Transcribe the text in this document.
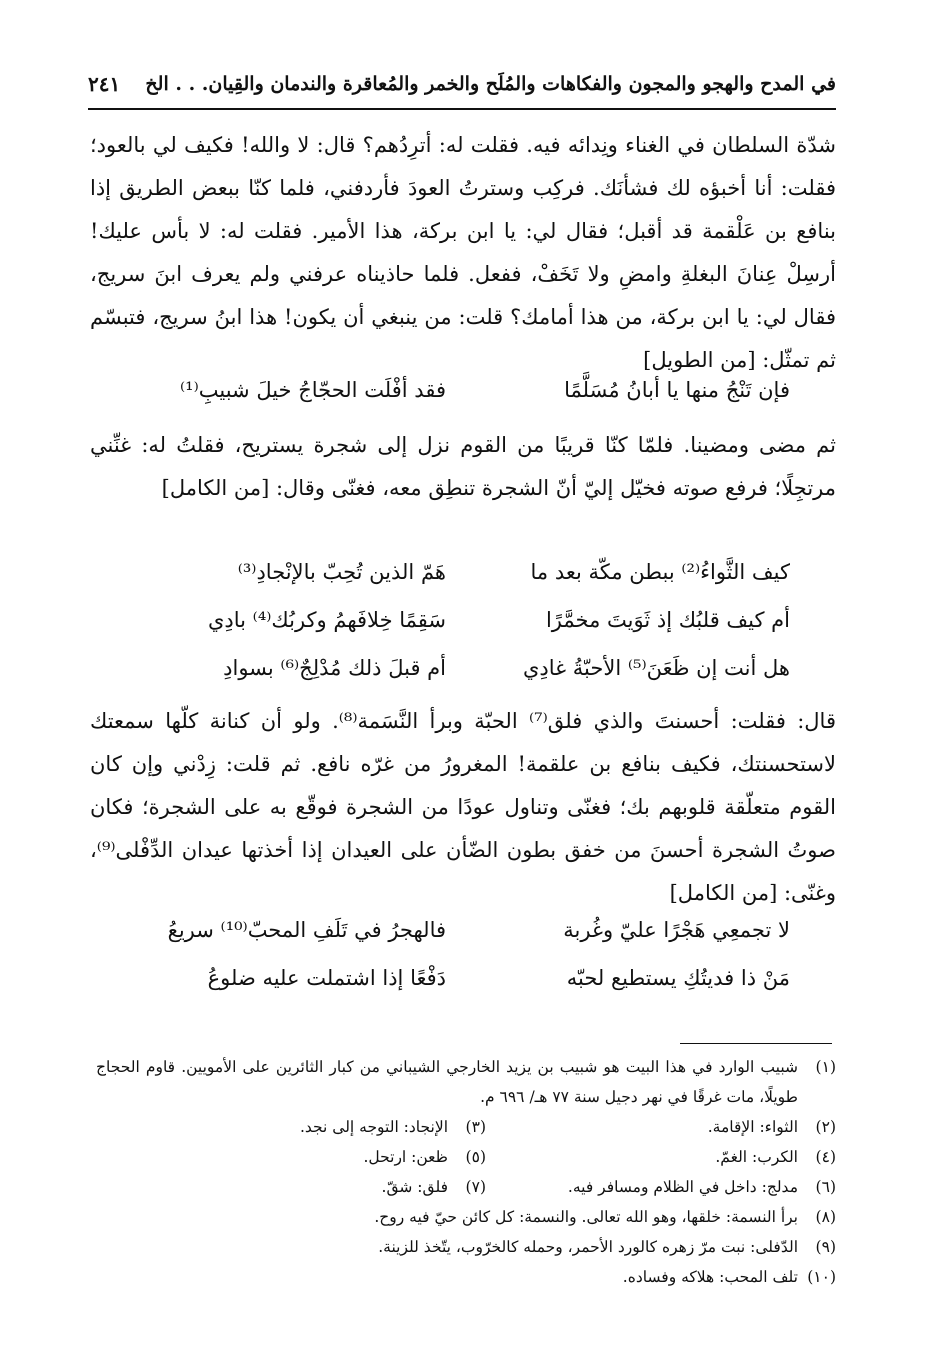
في المدح والهجو والمجون والفكاهات والمُلَح والخمر والمُعاقرة والندمان والقِيان. . . الخ
٢٤١

شدّة السلطان في الغناء ونِدائه فيه. فقلت له: أترِدُهم؟ قال: لا والله! فكيف لي بالعود؛ فقلت: أنا أخبؤه لك فشأنَك. فركِب وسترتُ العودَ فأردفني، فلما كنّا ببعض الطريق إذا بنافع بن عَلْقمة قد أقبل؛ فقال لي: يا ابن بركة، هذا الأمير. فقلت له: لا بأس عليك! أرسِلْ عِنانَ البغلةِ وامضِ ولا تَخَفْ، ففعل. فلما حاذيناه عرفني ولم يعرف ابنَ سريج، فقال لي: يا ابن بركة، من هذا أمامك؟ قلت: من ينبغي أن يكون! هذا ابنُ سريج، فتبسّم ثم تمثّل: [من الطويل]

فإن تَنْجُ منها يا أبانُ مُسَلَّمًا
فقد أفْلَت الحجّاجُ خيلَ شبيبِ⁽¹⁾

ثم مضى ومضينا. فلمّا كنّا قريبًا من القوم نزل إلى شجرة يستريح، فقلتُ له: غنِّني مرتجِلًا؛ فرفع صوته فخيّل إليّ أنّ الشجرة تنطِق معه، فغنّى وقال: [من الكامل]

كيف الثَّواءُ⁽²⁾ ببطن مكّة بعد ما
هَمّ الذين تُحِبّ بالإنْجادِ⁽³⁾
أم كيف قلبُك إذ ثَوَيتَ مخمَّرًا
سَقِمًا خِلافَهمُ وكربُك⁽⁴⁾ بادِي
هل أنت إن ظَعَنَ⁽⁵⁾ الأحبّةُ غادِي
أم قبلَ ذلك مُدْلِجٌ⁽⁶⁾ بسوادِ

قال: فقلت: أحسنتَ والذي فلق⁽⁷⁾ الحبّة وبرأ النَّسَمة⁽⁸⁾. ولو أن كنانة كلّها سمعتك لاستحسنتك، فكيف بنافع بن علقمة! المغرورُ من غرّه نافع. ثم قلت: زِدْني وإن كان القوم متعلّقة قلوبهم بك؛ فغنّى وتناول عودًا من الشجرة فوقّع به على الشجرة؛ فكان صوتُ الشجرة أحسنَ من خفق بطون الضّأن على العيدان إذا أخذتها عيدان الدِّفْلى⁽⁹⁾، وغنّى: [من الكامل]

لا تجمعِي هَجْرًا عليّ وغُربة
فالهجرُ في تَلَفِ المحبّ⁽¹⁰⁾ سريعُ
مَنْ ذا فديتُكِ يستطيع لحبّه
دَفْعًا إذا اشتملت عليه ضلوعُ
(١)
شبيب الوارد في هذا البيت هو شبيب بن يزيد الخارجي الشيباني من كبار الثائرين على الأمويين. قاوم الحجاج طويلًا، مات غرقًا في نهر دجيل سنة ٧٧ هـ/ ٦٩٦ م.
(٢)
الثواء: الإقامة.
(٣)
الإنجاد: التوجه إلى نجد.
(٤)
الكرب: الغمّ.
(٥)
ظعن: ارتحل.
(٦)
مدلج: داخل في الظلام ومسافر فيه.
(٧)
فلق: شقّ.
(٨)
برأ النسمة: خلقها، وهو الله تعالى. والنسمة: كل كائن حيّ فيه روح.
(٩)
الدّفلى: نبت مرّ زهره كالورد الأحمر، وحمله كالخرّوب، يتّخذ للزينة.
(١٠)
تلف المحب: هلاكه وفساده.
